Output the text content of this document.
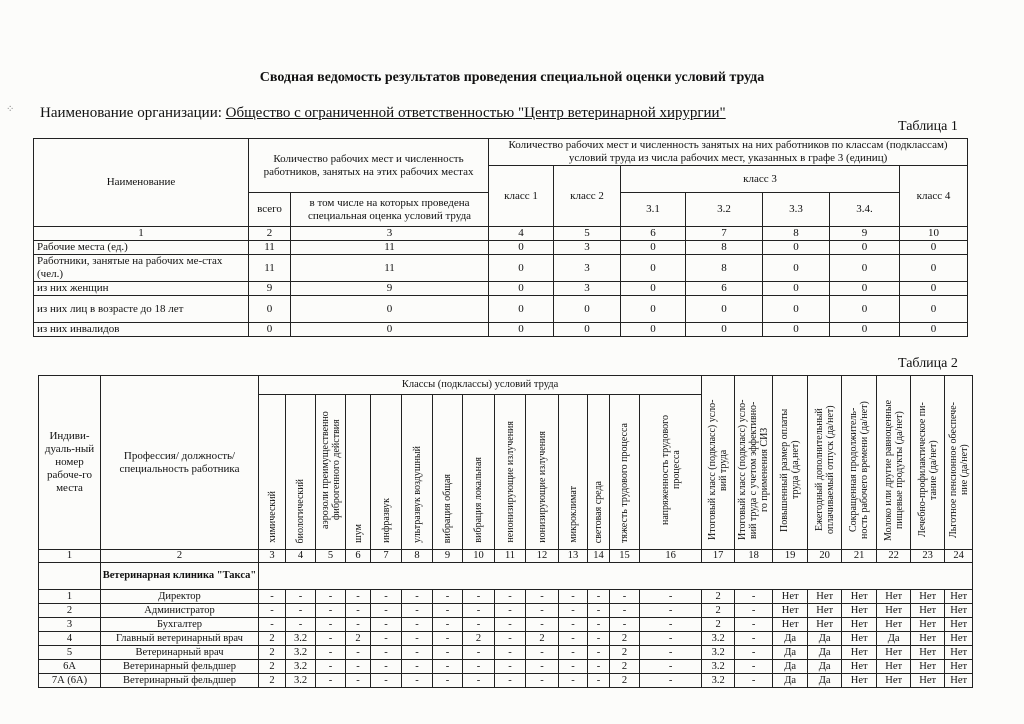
⁘
Сводная ведомость результатов проведения специальной оценки условий труда
Наименование организации: Общество с ограниченной ответственностью "Центр ветеринарной хирургии"
Таблица 1
Наименование	Количество рабочих мест и численность работников, занятых на этих рабочих местах		Количество рабочих мест и численность занятых на них работников по классам (подклассам) условий труда из числа рабочих мест, указанных в графе 3 (единиц)						
			класс 1	класс 2	класс 3				класс 4
	всего	в том числе на которых проведена специальная оценка условий труда			3.1	3.2	3.3	3.4.	
1	2	3	4	5	6	7	8	9	10
Рабочие места (ед.)	11	11	0	3	0	8	0	0	0
Работники, занятые на рабочих ме-стах (чел.)	11	11	0	3	0	8	0	0	0
из них женщин	9	9	0	3	0	6	0	0	0
из них лиц в возрасте до 18 лет	0	0	0	0	0	0	0	0	0
из них инвалидов	0	0	0	0	0	0	0	0	0
Таблица 2
Индиви-дуаль-ный номер рабоче-го места	Профессия/ должность/ специальность работника	Классы (подклассы) условий труда														Итоговый класс (подкласс) усло-вий труда	Итоговый класс (подкласс) усло-вий труда с учетом эффективно-го применения СИЗ	Повышенный размер оплаты труда (да,нет)	Ежегодный дополнительный оплачиваемый отпуск (да/нет)	Сокращенная продолжитель-ность рабочего времени (да/нет)	Молоко или другие равноценные пищевые продукты (да/нет)	Лечебно-профилактическое пи-тание (да/нет)	Льготное пенсионное обеспече-ние (да/нет)
		химический	биологический	аэрозоли преимущественно фиброгенного действия	шум	инфразвук	ультразвук воздушный	вибрация общая	вибрация локальная	неионизирующие излучения	ионизирующие излучения	микроклимат	световая среда	тяжесть трудового процесса	напряженность трудового процесса								
1	2	3	4	5	6	7	8	9	10	11	12	13	14	15	16	17	18	19	20	21	22	23	24
	Ветеринарная клиника "Такса"																						
1	Директор	-	-	-	-	-	-	-	-	-	-	-	-	-	-	2	-	Нет	Нет	Нет	Нет	Нет	Нет
2	Администратор	-	-	-	-	-	-	-	-	-	-	-	-	-	-	2	-	Нет	Нет	Нет	Нет	Нет	Нет
3	Бухгалтер	-	-	-	-	-	-	-	-	-	-	-	-	-	-	2	-	Нет	Нет	Нет	Нет	Нет	Нет
4	Главный ветеринарный врач	2	3.2	-	2	-	-	-	2	-	2	-	-	2	-	3.2	-	Да	Да	Нет	Да	Нет	Нет
5	Ветеринарный врач	2	3.2	-	-	-	-	-	-	-	-	-	-	2	-	3.2	-	Да	Да	Нет	Нет	Нет	Нет
6А	Ветеринарный фельдшер	2	3.2	-	-	-	-	-	-	-	-	-	-	2	-	3.2	-	Да	Да	Нет	Нет	Нет	Нет
7А (6А)	Ветеринарный фельдшер	2	3.2	-	-	-	-	-	-	-	-	-	-	2	-	3.2	-	Да	Да	Нет	Нет	Нет	Нет
